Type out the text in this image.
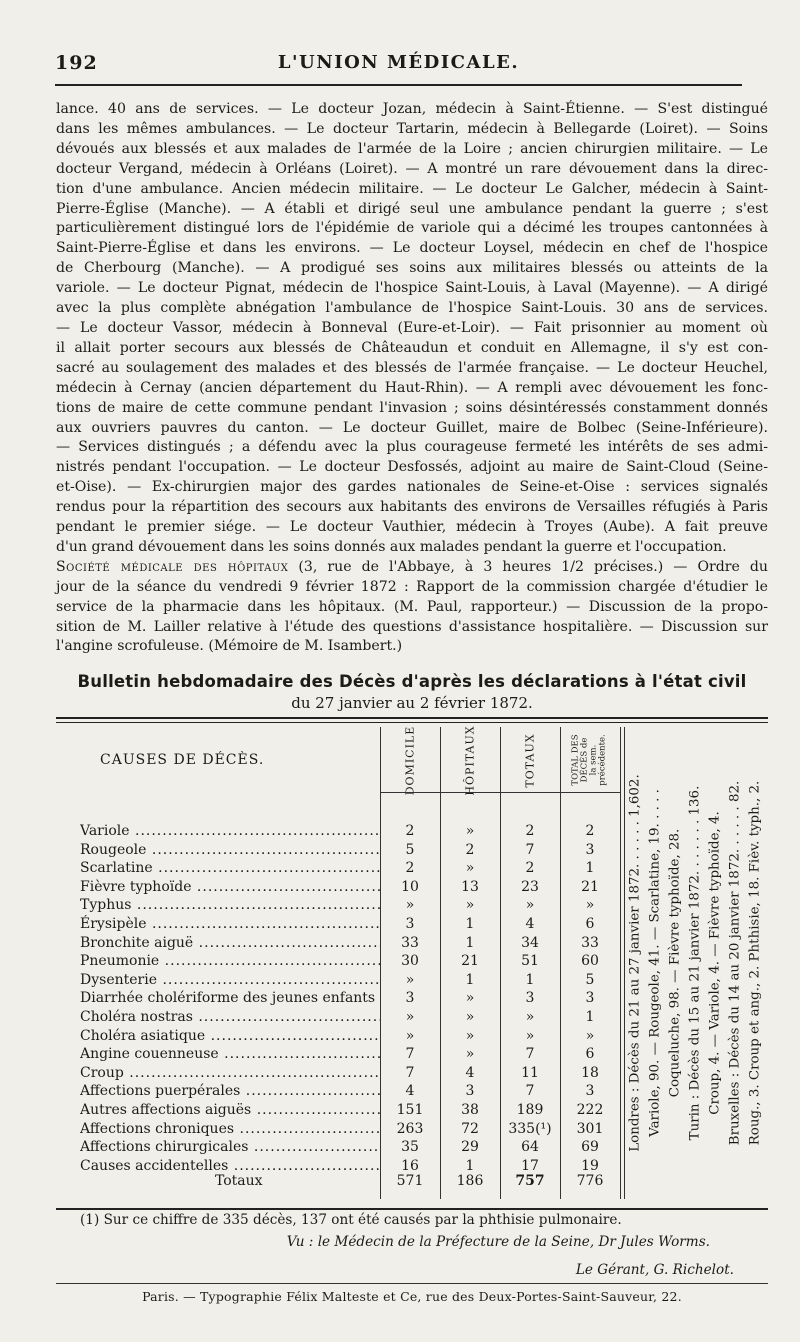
192	L'UNION MÉDICALE.
lance. 40 ans de services. — Le docteur Jozan, médecin à Saint-Étienne. — S'est distingué
dans les mêmes ambulances. — Le docteur Tartarin, médecin à Bellegarde (Loiret). — Soins
dévoués aux blessés et aux malades de l'armée de la Loire ; ancien chirurgien militaire. — Le
docteur Vergand, médecin à Orléans (Loiret). — A montré un rare dévouement dans la direc-
tion d'une ambulance. Ancien médecin militaire. — Le docteur Le Galcher, médecin à Saint-
Pierre-Église (Manche). — A établi et dirigé seul une ambulance pendant la guerre ; s'est
particulièrement distingué lors de l'épidémie de variole qui a décimé les troupes cantonnées à
Saint-Pierre-Église et dans les environs. — Le docteur Loysel, médecin en chef de l'hospice
de Cherbourg (Manche). — A prodigué ses soins aux militaires blessés ou atteints de la
variole. — Le docteur Pignat, médecin de l'hospice Saint-Louis, à Laval (Mayenne). — A dirigé
avec la plus complète abnégation l'ambulance de l'hospice Saint-Louis. 30 ans de services.
— Le docteur Vassor, médecin à Bonneval (Eure-et-Loir). — Fait prisonnier au moment où
il allait porter secours aux blessés de Châteaudun et conduit en Allemagne, il s'y est con-
sacré au soulagement des malades et des blessés de l'armée française. — Le docteur Heuchel,
médecin à Cernay (ancien département du Haut-Rhin). — A rempli avec dévouement les fonc-
tions de maire de cette commune pendant l'invasion ; soins désintéressés constamment donnés
aux ouvriers pauvres du canton. — Le docteur Guillet, maire de Bolbec (Seine-Inférieure).
— Services distingués ; a défendu avec la plus courageuse fermeté les intérêts de ses admi-
nistrés pendant l'occupation. — Le docteur Desfossés, adjoint au maire de Saint-Cloud (Seine-
et-Oise). — Ex-chirurgien major des gardes nationales de Seine-et-Oise : services signalés
rendus pour la répartition des secours aux habitants des environs de Versailles réfugiés à Paris
pendant le premier siége. — Le docteur Vauthier, médecin à Troyes (Aube). A fait preuve
d'un grand dévouement dans les soins donnés aux malades pendant la guerre et l'occupation.
Société médicale des hôpitaux (3, rue de l'Abbaye, à 3 heures 1/2 précises.) — Ordre du
jour de la séance du vendredi 9 février 1872 : Rapport de la commission chargée d'étudier le
service de la pharmacie dans les hôpitaux. (M. Paul, rapporteur.) — Discussion de la propo-
sition de M. Lailler relative à l'étude des questions d'assistance hospitalière. — Discussion sur
l'angine scrofuleuse. (Mémoire de M. Isambert.)
Bulletin hebdomadaire des Décès d'après les déclarations à l'état civil
du 27 janvier au 2 février 1872.
CAUSES DE DÉCÈS.	DOMICILE	HÔPITAUX	TOTAUX	TOTAL DES DÉCÈS de la sem. précédente.
Variole .....	2	»	2	2
Rougeole .....	5	2	7	3
Scarlatine .....	2	»	2	1
Fièvre typhoïde .....	10	13	23	21
Typhus .....	»	»	»	»
Érysipèle .....	3	1	4	6
Bronchite aiguë .....	33	1	34	33
Pneumonie .....	30	21	51	60
Dysenterie .....	»	1	1	5
Diarrhée cholériforme des jeunes enfants .....	3	»	3	3
Choléra nostras .....	»	»	»	1
Choléra asiatique .....	»	»	»	»
Angine couenneuse .....	7	»	7	6
Croup .....	7	4	11	18
Affections puerpérales .....	4	3	7	3
Autres affections aiguës .....	151	38	189	222
Affections chroniques .....	263	72	335(¹)	301
Affections chirurgicales .....	35	29	64	69
Causes accidentelles .....	16	1	17	19
Totaux	571	186	757	776
Londres : Décès du 21 au 27 janvier 1872. . . . . . 1,602. Variole, 90. — Rougeole, 41. — Scarlatine, 19. . . . . Coqueluche, 98. — Fièvre typhoïde, 28. Turin : Décès du 15 au 21 janvier 1872. . . . . . . 136. Croup, 4. — Variole, 4. — Fièvre typhoïde, 4. Bruxelles : Décès du 14 au 20 janvier 1872. . . . . . 82. Roug., 3. Croup et ang., 2. Phthisie, 18. Fièv. typh., 2.
(1) Sur ce chiffre de 335 décès, 137 ont été causés par la phthisie pulmonaire.
Vu : le Médecin de la Préfecture de la Seine, Dr Jules Worms.
Le Gérant, G. Richelot.
Paris. — Typographie Félix Malteste et Ce, rue des Deux-Portes-Saint-Sauveur, 22.
